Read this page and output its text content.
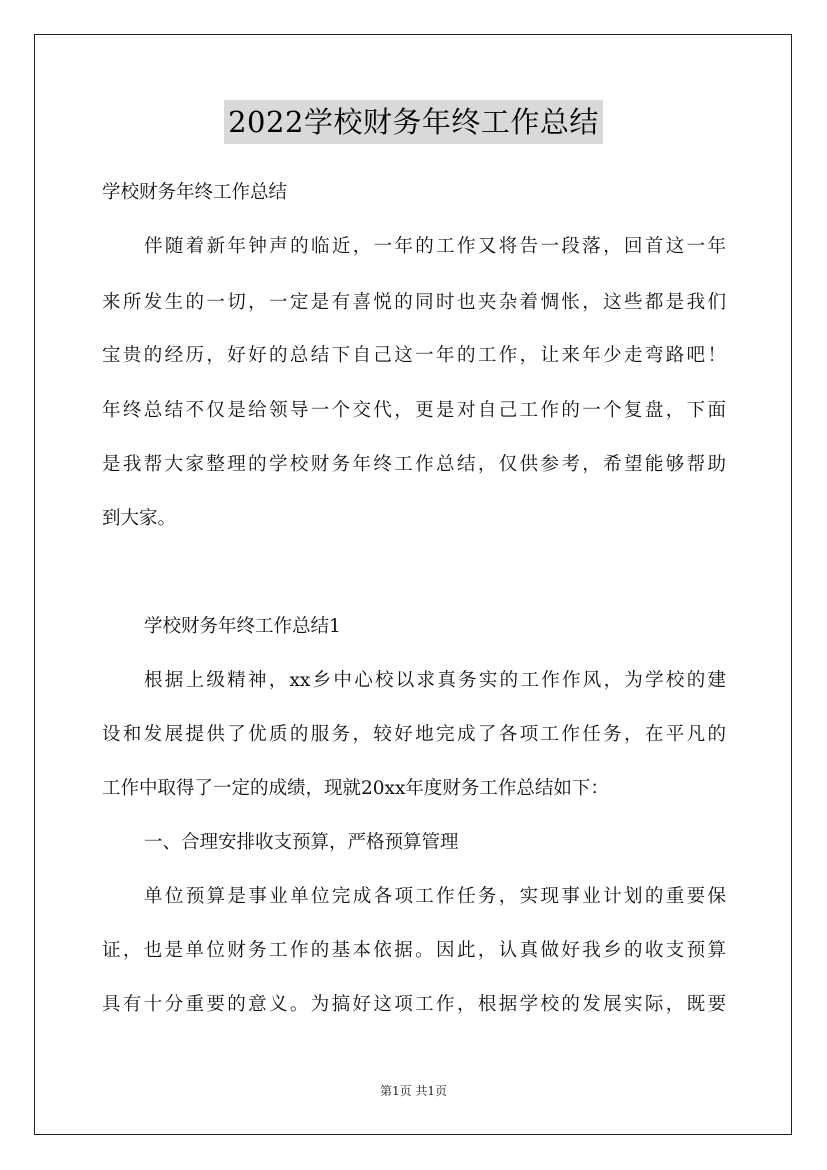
2022学校财务年终工作总结
学校财务年终工作总结
伴随着新年钟声的临近，一年的工作又将告一段落，回首这一年
来所发生的一切，一定是有喜悦的同时也夹杂着惆怅，这些都是我们
宝贵的经历，好好的总结下自己这一年的工作，让来年少走弯路吧！
年终总结不仅是给领导一个交代，更是对自己工作的一个复盘，下面
是我帮大家整理的学校财务年终工作总结，仅供参考，希望能够帮助
到大家。
学校财务年终工作总结1
根据上级精神，xx乡中心校以求真务实的工作作风，为学校的建
设和发展提供了优质的服务，较好地完成了各项工作任务，在平凡的
工作中取得了一定的成绩，现就20xx年度财务工作总结如下：
一、合理安排收支预算，严格预算管理
单位预算是事业单位完成各项工作任务，实现事业计划的重要保
证，也是单位财务工作的基本依据。因此，认真做好我乡的收支预算
具有十分重要的意义。为搞好这项工作，根据学校的发展实际，既要
第1页 共1页
